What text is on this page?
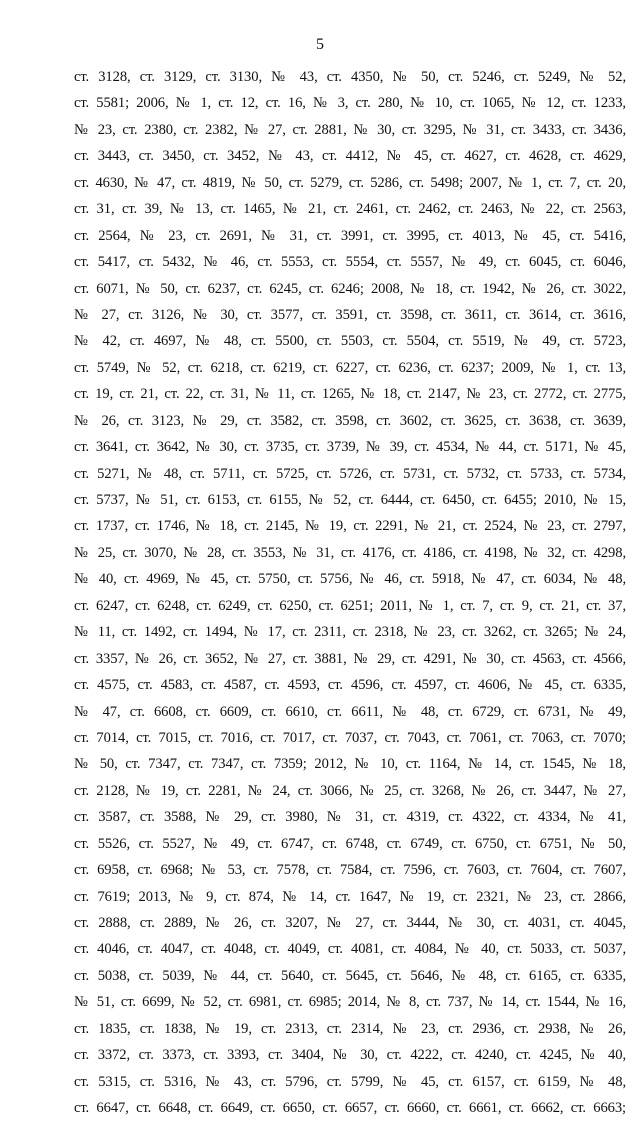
5
ст. 3128, ст. 3129, ст. 3130, № 43, ст. 4350, № 50, ст. 5246, ст. 5249, № 52,
ст. 5581; 2006, № 1, ст. 12, ст. 16, № 3, ст. 280, № 10, ст. 1065, № 12, ст. 1233,
№ 23, ст. 2380, ст. 2382, № 27, ст. 2881, № 30, ст. 3295, № 31, ст. 3433, ст. 3436,
ст. 3443, ст. 3450, ст. 3452, № 43, ст. 4412, № 45, ст. 4627, ст. 4628, ст. 4629,
ст. 4630, № 47, ст. 4819, № 50, ст. 5279, ст. 5286, ст. 5498; 2007, № 1, ст. 7, ст. 20,
ст. 31, ст. 39, № 13, ст. 1465, № 21, ст. 2461, ст. 2462, ст. 2463, № 22, ст. 2563,
ст. 2564, № 23, ст. 2691, № 31, ст. 3991, ст. 3995, ст. 4013, № 45, ст. 5416,
ст. 5417, ст. 5432, № 46, ст. 5553, ст. 5554, ст. 5557, № 49, ст. 6045, ст. 6046,
ст. 6071, № 50, ст. 6237, ст. 6245, ст. 6246; 2008, № 18, ст. 1942, № 26, ст. 3022,
№ 27, ст. 3126, № 30, ст. 3577, ст. 3591, ст. 3598, ст. 3611, ст. 3614, ст. 3616,
№ 42, ст. 4697, № 48, ст. 5500, ст. 5503, ст. 5504, ст. 5519, № 49, ст. 5723,
ст. 5749, № 52, ст. 6218, ст. 6219, ст. 6227, ст. 6236, ст. 6237; 2009, № 1, ст. 13,
ст. 19, ст. 21, ст. 22, ст. 31, № 11, ст. 1265, № 18, ст. 2147, № 23, ст. 2772, ст. 2775,
№ 26, ст. 3123, № 29, ст. 3582, ст. 3598, ст. 3602, ст. 3625, ст. 3638, ст. 3639,
ст. 3641, ст. 3642, № 30, ст. 3735, ст. 3739, № 39, ст. 4534, № 44, ст. 5171, № 45,
ст. 5271, № 48, ст. 5711, ст. 5725, ст. 5726, ст. 5731, ст. 5732, ст. 5733, ст. 5734,
ст. 5737, № 51, ст. 6153, ст. 6155, № 52, ст. 6444, ст. 6450, ст. 6455; 2010, № 15,
ст. 1737, ст. 1746, № 18, ст. 2145, № 19, ст. 2291, № 21, ст. 2524, № 23, ст. 2797,
№ 25, ст. 3070, № 28, ст. 3553, № 31, ст. 4176, ст. 4186, ст. 4198, № 32, ст. 4298,
№ 40, ст. 4969, № 45, ст. 5750, ст. 5756, № 46, ст. 5918, № 47, ст. 6034, № 48,
ст. 6247, ст. 6248, ст. 6249, ст. 6250, ст. 6251; 2011, № 1, ст. 7, ст. 9, ст. 21, ст. 37,
№ 11, ст. 1492, ст. 1494, № 17, ст. 2311, ст. 2318, № 23, ст. 3262, ст. 3265; № 24,
ст. 3357, № 26, ст. 3652, № 27, ст. 3881, № 29, ст. 4291, № 30, ст. 4563, ст. 4566,
ст. 4575, ст. 4583, ст. 4587, ст. 4593, ст. 4596, ст. 4597, ст. 4606, № 45, ст. 6335,
№ 47, ст. 6608, ст. 6609, ст. 6610, ст. 6611, № 48, ст. 6729, ст. 6731, № 49,
ст. 7014, ст. 7015, ст. 7016, ст. 7017, ст. 7037, ст. 7043, ст. 7061, ст. 7063, ст. 7070;
№ 50, ст. 7347, ст. 7347, ст. 7359; 2012, № 10, ст. 1164, № 14, ст. 1545, № 18,
ст. 2128, № 19, ст. 2281, № 24, ст. 3066, № 25, ст. 3268, № 26, ст. 3447, № 27,
ст. 3587, ст. 3588, № 29, ст. 3980, № 31, ст. 4319, ст. 4322, ст. 4334, № 41,
ст. 5526, ст. 5527, № 49, ст. 6747, ст. 6748, ст. 6749, ст. 6750, ст. 6751, № 50,
ст. 6958, ст. 6968; № 53, ст. 7578, ст. 7584, ст. 7596, ст. 7603, ст. 7604, ст. 7607,
ст. 7619; 2013, № 9, ст. 874, № 14, ст. 1647, № 19, ст. 2321, № 23, ст. 2866,
ст. 2888, ст. 2889, № 26, ст. 3207, № 27, ст. 3444, № 30, ст. 4031, ст. 4045,
ст. 4046, ст. 4047, ст. 4048, ст. 4049, ст. 4081, ст. 4084, № 40, ст. 5033, ст. 5037,
ст. 5038, ст. 5039, № 44, ст. 5640, ст. 5645, ст. 5646, № 48, ст. 6165, ст. 6335,
№ 51, ст. 6699, № 52, ст. 6981, ст. 6985; 2014, № 8, ст. 737, № 14, ст. 1544, № 16,
ст. 1835, ст. 1838, № 19, ст. 2313, ст. 2314, № 23, ст. 2936, ст. 2938, № 26,
ст. 3372, ст. 3373, ст. 3393, ст. 3404, № 30, ст. 4222, ст. 4240, ст. 4245, № 40,
ст. 5315, ст. 5316, № 43, ст. 5796, ст. 5799, № 45, ст. 6157, ст. 6159, № 48,
ст. 6647, ст. 6648, ст. 6649, ст. 6650, ст. 6657, ст. 6660, ст. 6661, ст. 6662, ст. 6663;
